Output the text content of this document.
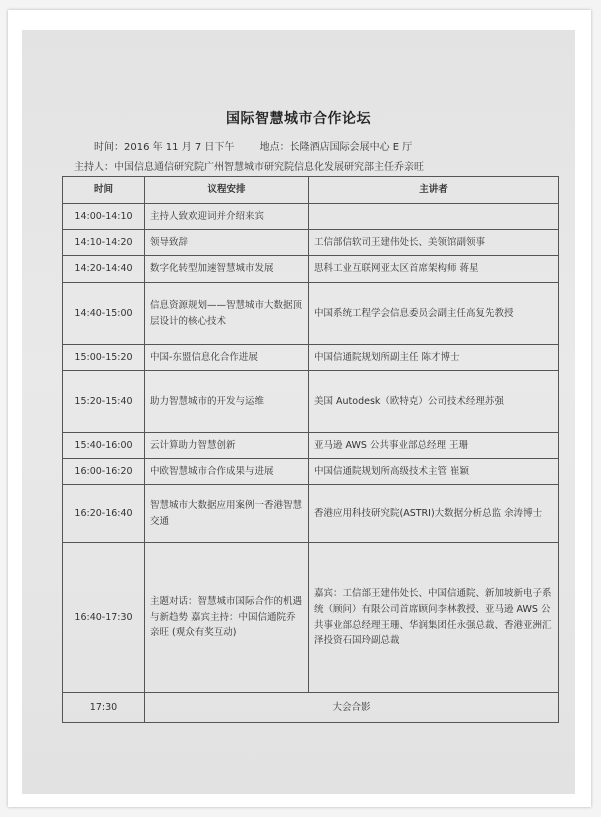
国际智慧城市合作论坛
时间：2016 年 11 月 7 日下午	地点：长隆酒店国际会展中心 E 厅
主持人：中国信息通信研究院广州智慧城市研究院信息化发展研究部主任乔亲旺
时间	议程安排	主讲者
14:00-14:10	主持人致欢迎词并介绍来宾	
14:10-14:20	领导致辞	工信部信软司王建伟处长、美领馆副领事
14:20-14:40	数字化转型加速智慧城市发展	思科工业互联网亚太区首席架构师 蒋星
14:40-15:00	信息资源规划——智慧城市大数据顶层设计的核心技术	中国系统工程学会信息委员会副主任高复先教授
15:00-15:20	中国-东盟信息化合作进展	中国信通院规划所副主任 陈才博士
15:20-15:40	助力智慧城市的开发与运维	美国 Autodesk（欧特克）公司技术经理苏强
15:40-16:00	云计算助力智慧创新	亚马逊 AWS 公共事业部总经理 王珊
16:00-16:20	中欧智慧城市合作成果与进展	中国信通院规划所高级技术主管 崔颖
16:20-16:40	智慧城市大数据应用案例一香港智慧交通	香港应用科技研究院(ASTRI)大数据分析总监 余涛博士
16:40-17:30	主题对话：智慧城市国际合作的机遇与新趋势 嘉宾主持：中国信通院乔亲旺 (观众有奖互动)	嘉宾：工信部王建伟处长、中国信通院、新加坡新电子系统（顾问）有限公司首席顾问李林教授、亚马逊 AWS 公共事业部总经理王珊、华润集团任永强总裁、香港亚洲汇泽投资石国玲副总裁
17:30	大会合影	
